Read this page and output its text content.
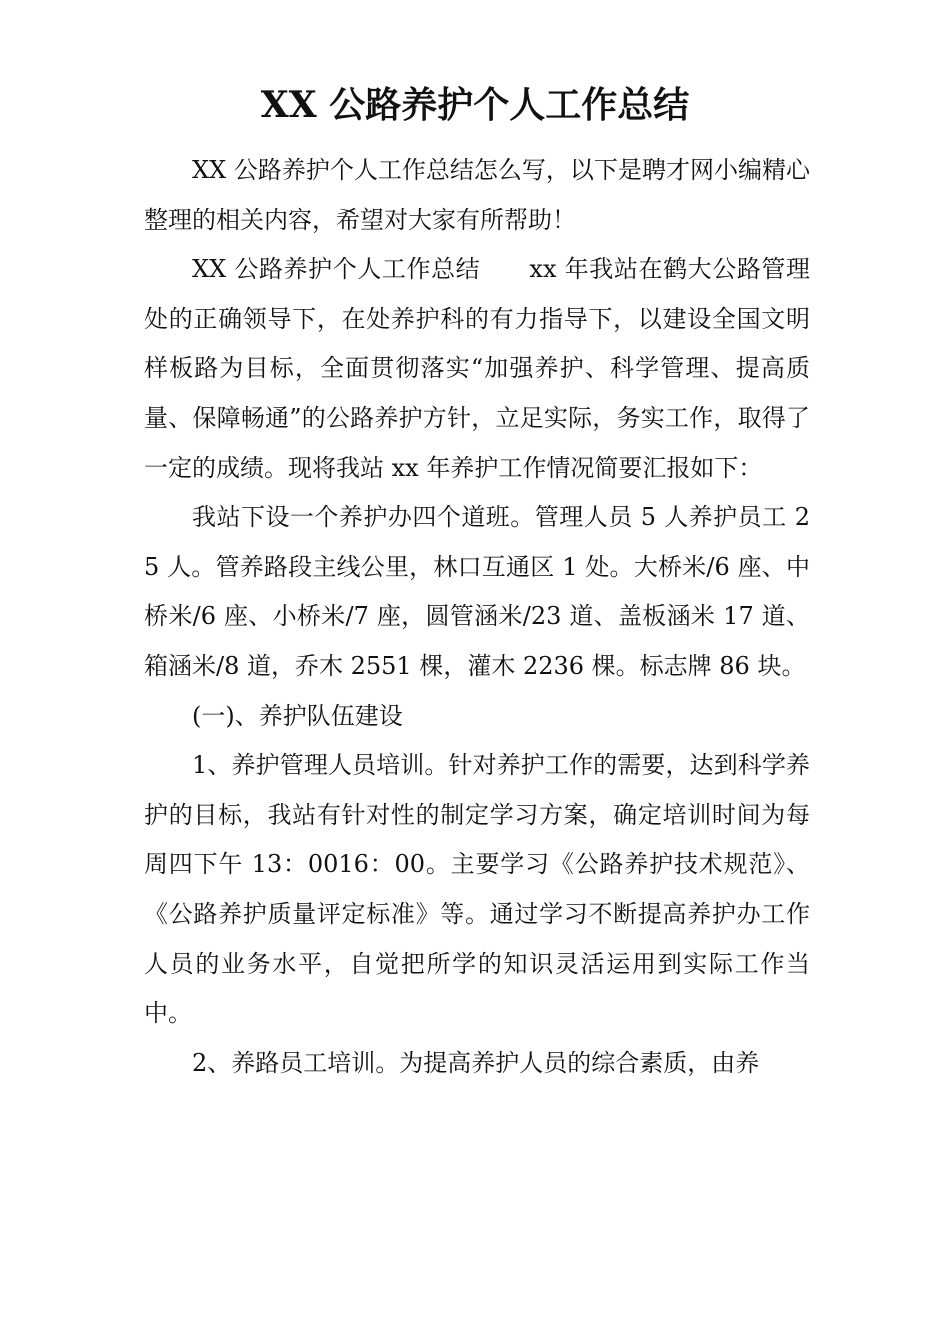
XX 公路养护个人工作总结

XX 公路养护个人工作总结怎么写，以下是聘才网小编精心整理的相关内容，希望对大家有所帮助！

XX 公路养护个人工作总结　　xx 年我站在鹤大公路管理处的正确领导下，在处养护科的有力指导下，以建设全国文明样板路为目标，全面贯彻落实“加强养护、科学管理、提高质量、保障畅通”的公路养护方针，立足实际，务实工作，取得了一定的成绩。现将我站 xx 年养护工作情况简要汇报如下：

我站下设一个养护办四个道班。管理人员 5 人养护员工 25 人。管养路段主线公里，林口互通区 1 处。大桥米/6 座、中桥米/6 座、小桥米/7 座，圆管涵米/23 道、盖板涵米 17 道、箱涵米/8 道，乔木 2551 棵，灌木 2236 棵。标志牌 86 块。

(一)、养护队伍建设

1、养护管理人员培训。针对养护工作的需要，达到科学养护的目标，我站有针对性的制定学习方案，确定培训时间为每周四下午 13：0016：00。主要学习《公路养护技术规范》、《公路养护质量评定标准》等。通过学习不断提高养护办工作人员的业务水平，自觉把所学的知识灵活运用到实际工作当中。

2、养路员工培训。为提高养护人员的综合素质，由养
